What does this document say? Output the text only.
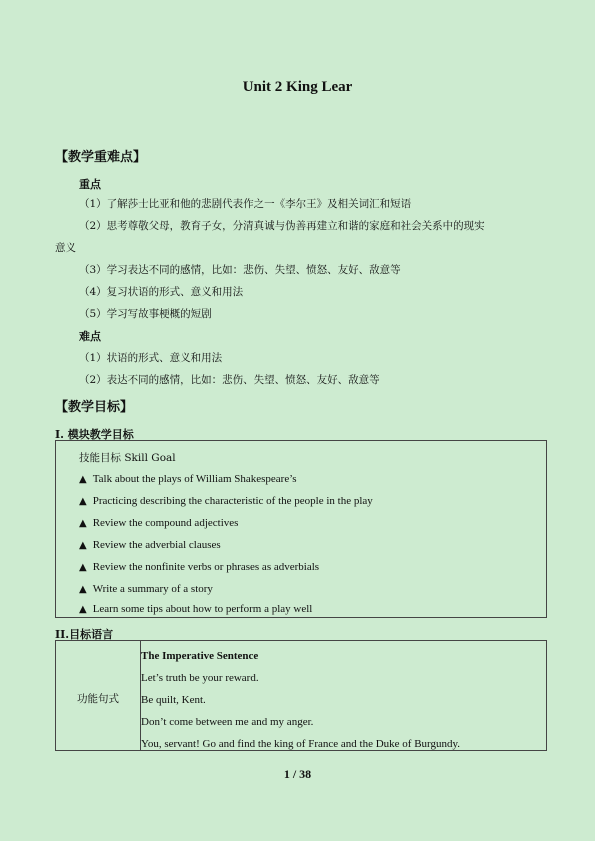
Unit 2 King Lear
【教学重难点】
重点
（1）了解莎士比亚和他的悲剧代表作之一《李尔王》及相关词汇和短语
（2）思考尊敬父母，教育子女，分清真诚与伪善再建立和谐的家庭和社会关系中的现实
意义
（3）学习表达不同的感情，比如：悲伤、失望、愤怒、友好、敌意等
（4）复习状语的形式、意义和用法
（5）学习写故事梗概的短剧
难点
（1）状语的形式、意义和用法
（2）表达不同的感情，比如：悲伤、失望、愤怒、友好、敌意等
【教学目标】
I. 模块教学目标
技能目标 Skill Goal
▲ Talk about the plays of William Shakespeare’s
▲ Practicing describing the characteristic of the people in the play
▲ Review the compound adjectives
▲ Review the adverbial clauses
▲ Review the nonfinite verbs or phrases as adverbials
▲ Write a summary of a story
▲ Learn some tips about how to perform a play well
II.目标语言
功能句式
The Imperative Sentence
Let’s truth be your reward.
Be quilt, Kent.
Don’t come between me and my anger.
You, servant! Go and find the king of France and the Duke of Burgundy.
1 / 38
